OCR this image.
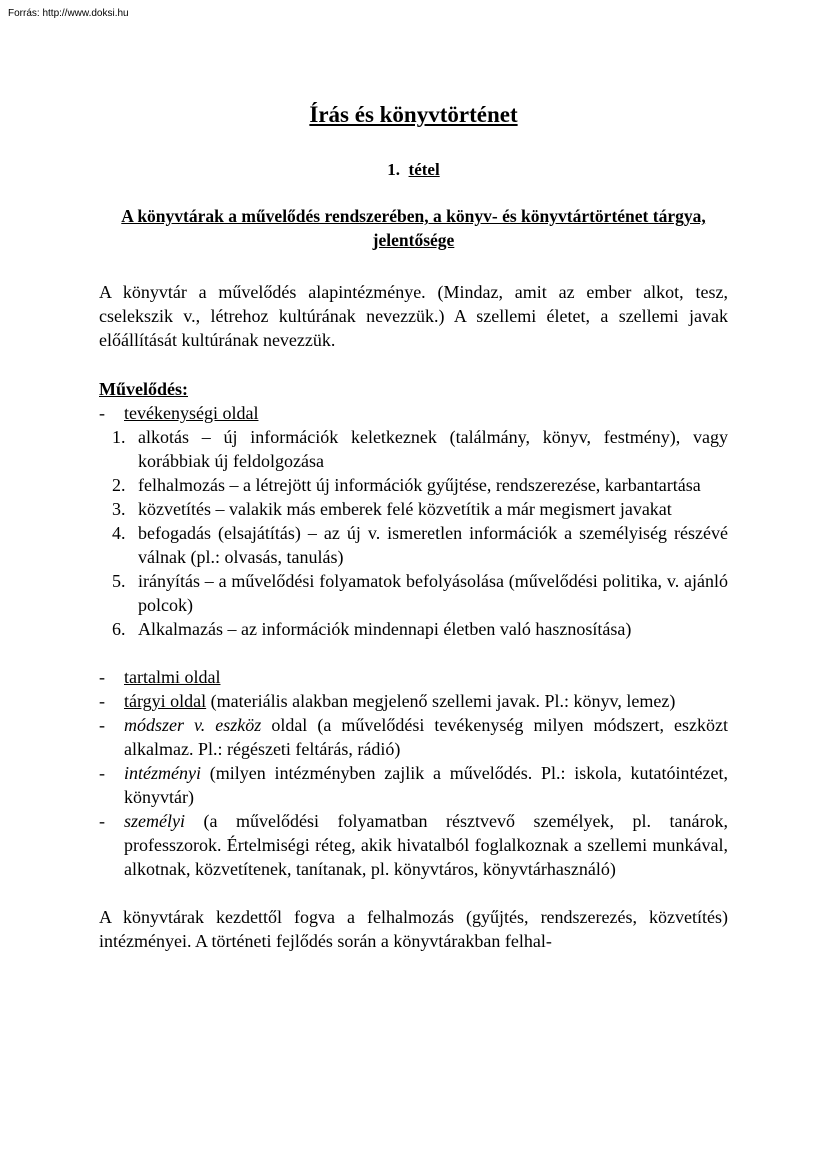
Forrás: http://www.doksi.hu
Írás és könyvtörténet
1. tétel
A könyvtárak a művelődés rendszerében, a könyv- és könyvtártörténet tárgya, jelentősége

A könyvtár a művelődés alapintézménye. (Mindaz, amit az ember alkot, tesz, cselekszik v., létrehoz kultúrának nevezzük.) A szellemi életet, a szellemi javak előállítását kultúrának nevezzük.

Művelődés:
- tevékenységi oldal
1. alkotás – új információk keletkeznek (találmány, könyv, festmény), vagy korábbiak új feldolgozása
2. felhalmozás – a létrejött új információk gyűjtése, rendszerezése, karbantartása
3. közvetítés – valakik más emberek felé közvetítik a már megismert javakat
4. befogadás (elsajátítás) – az új v. ismeretlen információk a személyiség részévé válnak (pl.: olvasás, tanulás)
5. irányítás – a művelődési folyamatok befolyásolása (művelődési politika, v. ajánló polcok)
6. Alkalmazás – az információk mindennapi életben való hasznosítása)
- tartalmi oldal
- tárgyi oldal (materiális alakban megjelenő szellemi javak. Pl.: könyv, lemez)
- módszer v. eszköz oldal (a művelődési tevékenység milyen módszert, eszközt alkalmaz. Pl.: régészeti feltárás, rádió)
- intézményi (milyen intézményben zajlik a művelődés. Pl.: iskola, kutatóintézet, könyvtár)
- személyi (a művelődési folyamatban résztvevő személyek, pl. tanárok, professzorok. Értelmiségi réteg, akik hivatalból foglalkoznak a szellemi munkával, alkotnak, közvetítenek, tanítanak, pl. könyvtáros, könyvtárhasználó)

A könyvtárak kezdettől fogva a felhalmozás (gyűjtés, rendszerezés, közvetítés) intézményei. A történeti fejlődés során a könyvtárakban felhal-
